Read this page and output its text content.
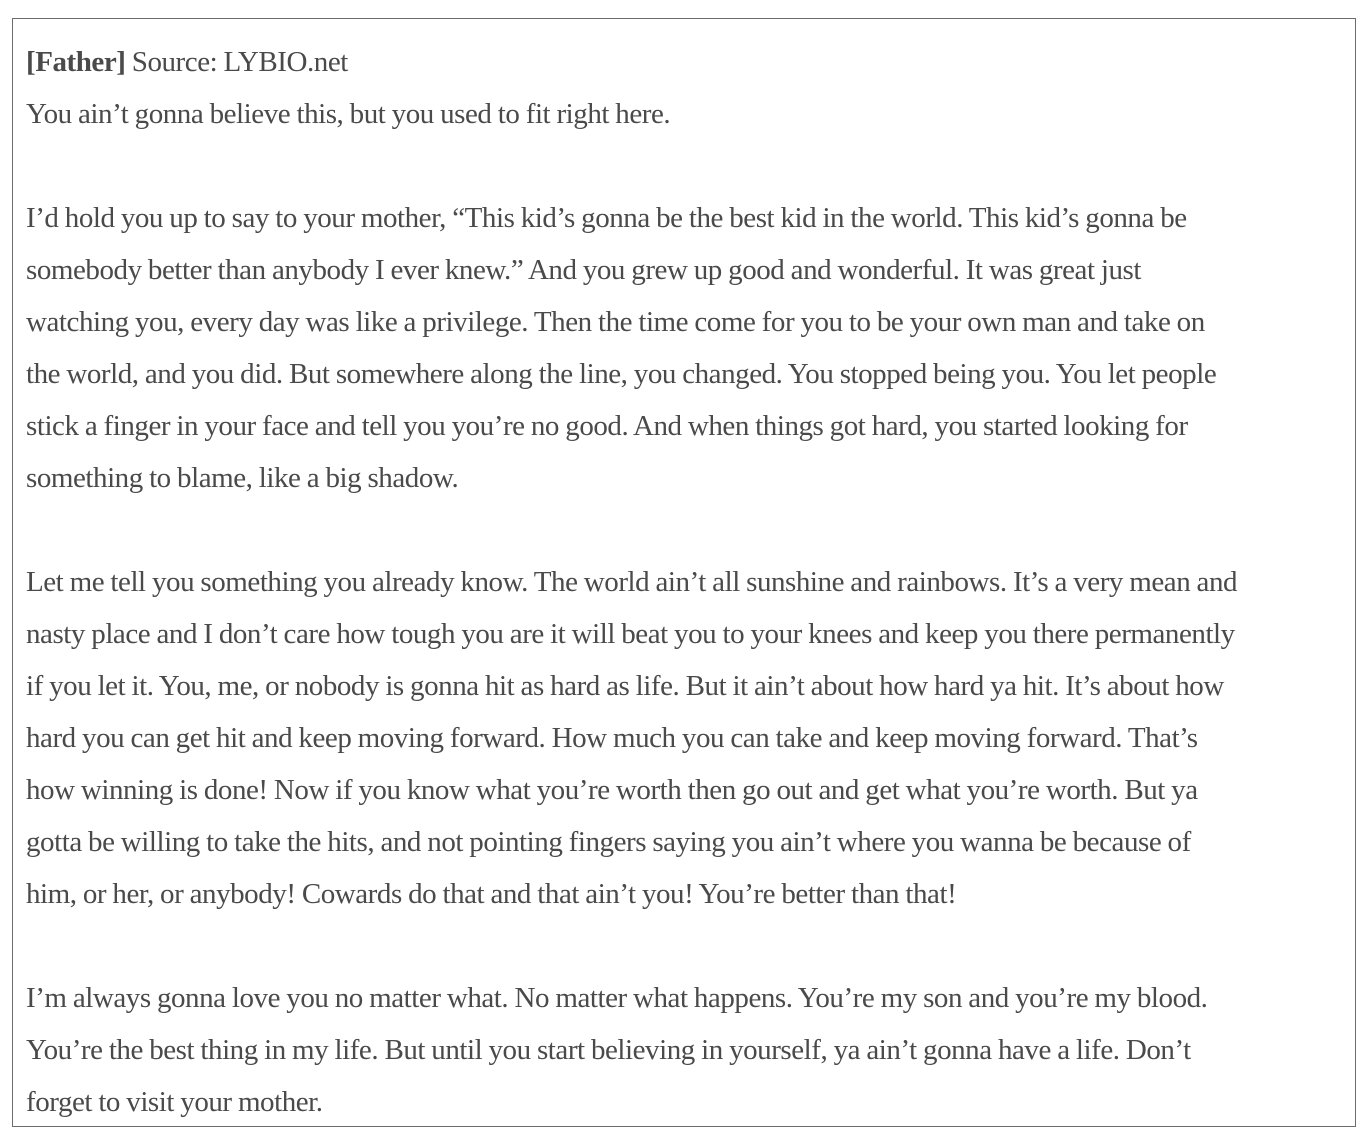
[Father] Source: LYBIO.net
You ain’t gonna believe this, but you used to fit right here.
I’d hold you up to say to your mother, “This kid’s gonna be the best kid in the world. This kid’s gonna be
somebody better than anybody I ever knew.” And you grew up good and wonderful. It was great just
watching you, every day was like a privilege. Then the time come for you to be your own man and take on
the world, and you did. But somewhere along the line, you changed. You stopped being you. You let people
stick a finger in your face and tell you you’re no good. And when things got hard, you started looking for
something to blame, like a big shadow.
Let me tell you something you already know. The world ain’t all sunshine and rainbows. It’s a very mean and
nasty place and I don’t care how tough you are it will beat you to your knees and keep you there permanently
if you let it. You, me, or nobody is gonna hit as hard as life. But it ain’t about how hard ya hit. It’s about how
hard you can get hit and keep moving forward. How much you can take and keep moving forward. That’s
how winning is done! Now if you know what you’re worth then go out and get what you’re worth. But ya
gotta be willing to take the hits, and not pointing fingers saying you ain’t where you wanna be because of
him, or her, or anybody! Cowards do that and that ain’t you! You’re better than that!
I’m always gonna love you no matter what. No matter what happens. You’re my son and you’re my blood.
You’re the best thing in my life. But until you start believing in yourself, ya ain’t gonna have a life. Don’t
forget to visit your mother.
